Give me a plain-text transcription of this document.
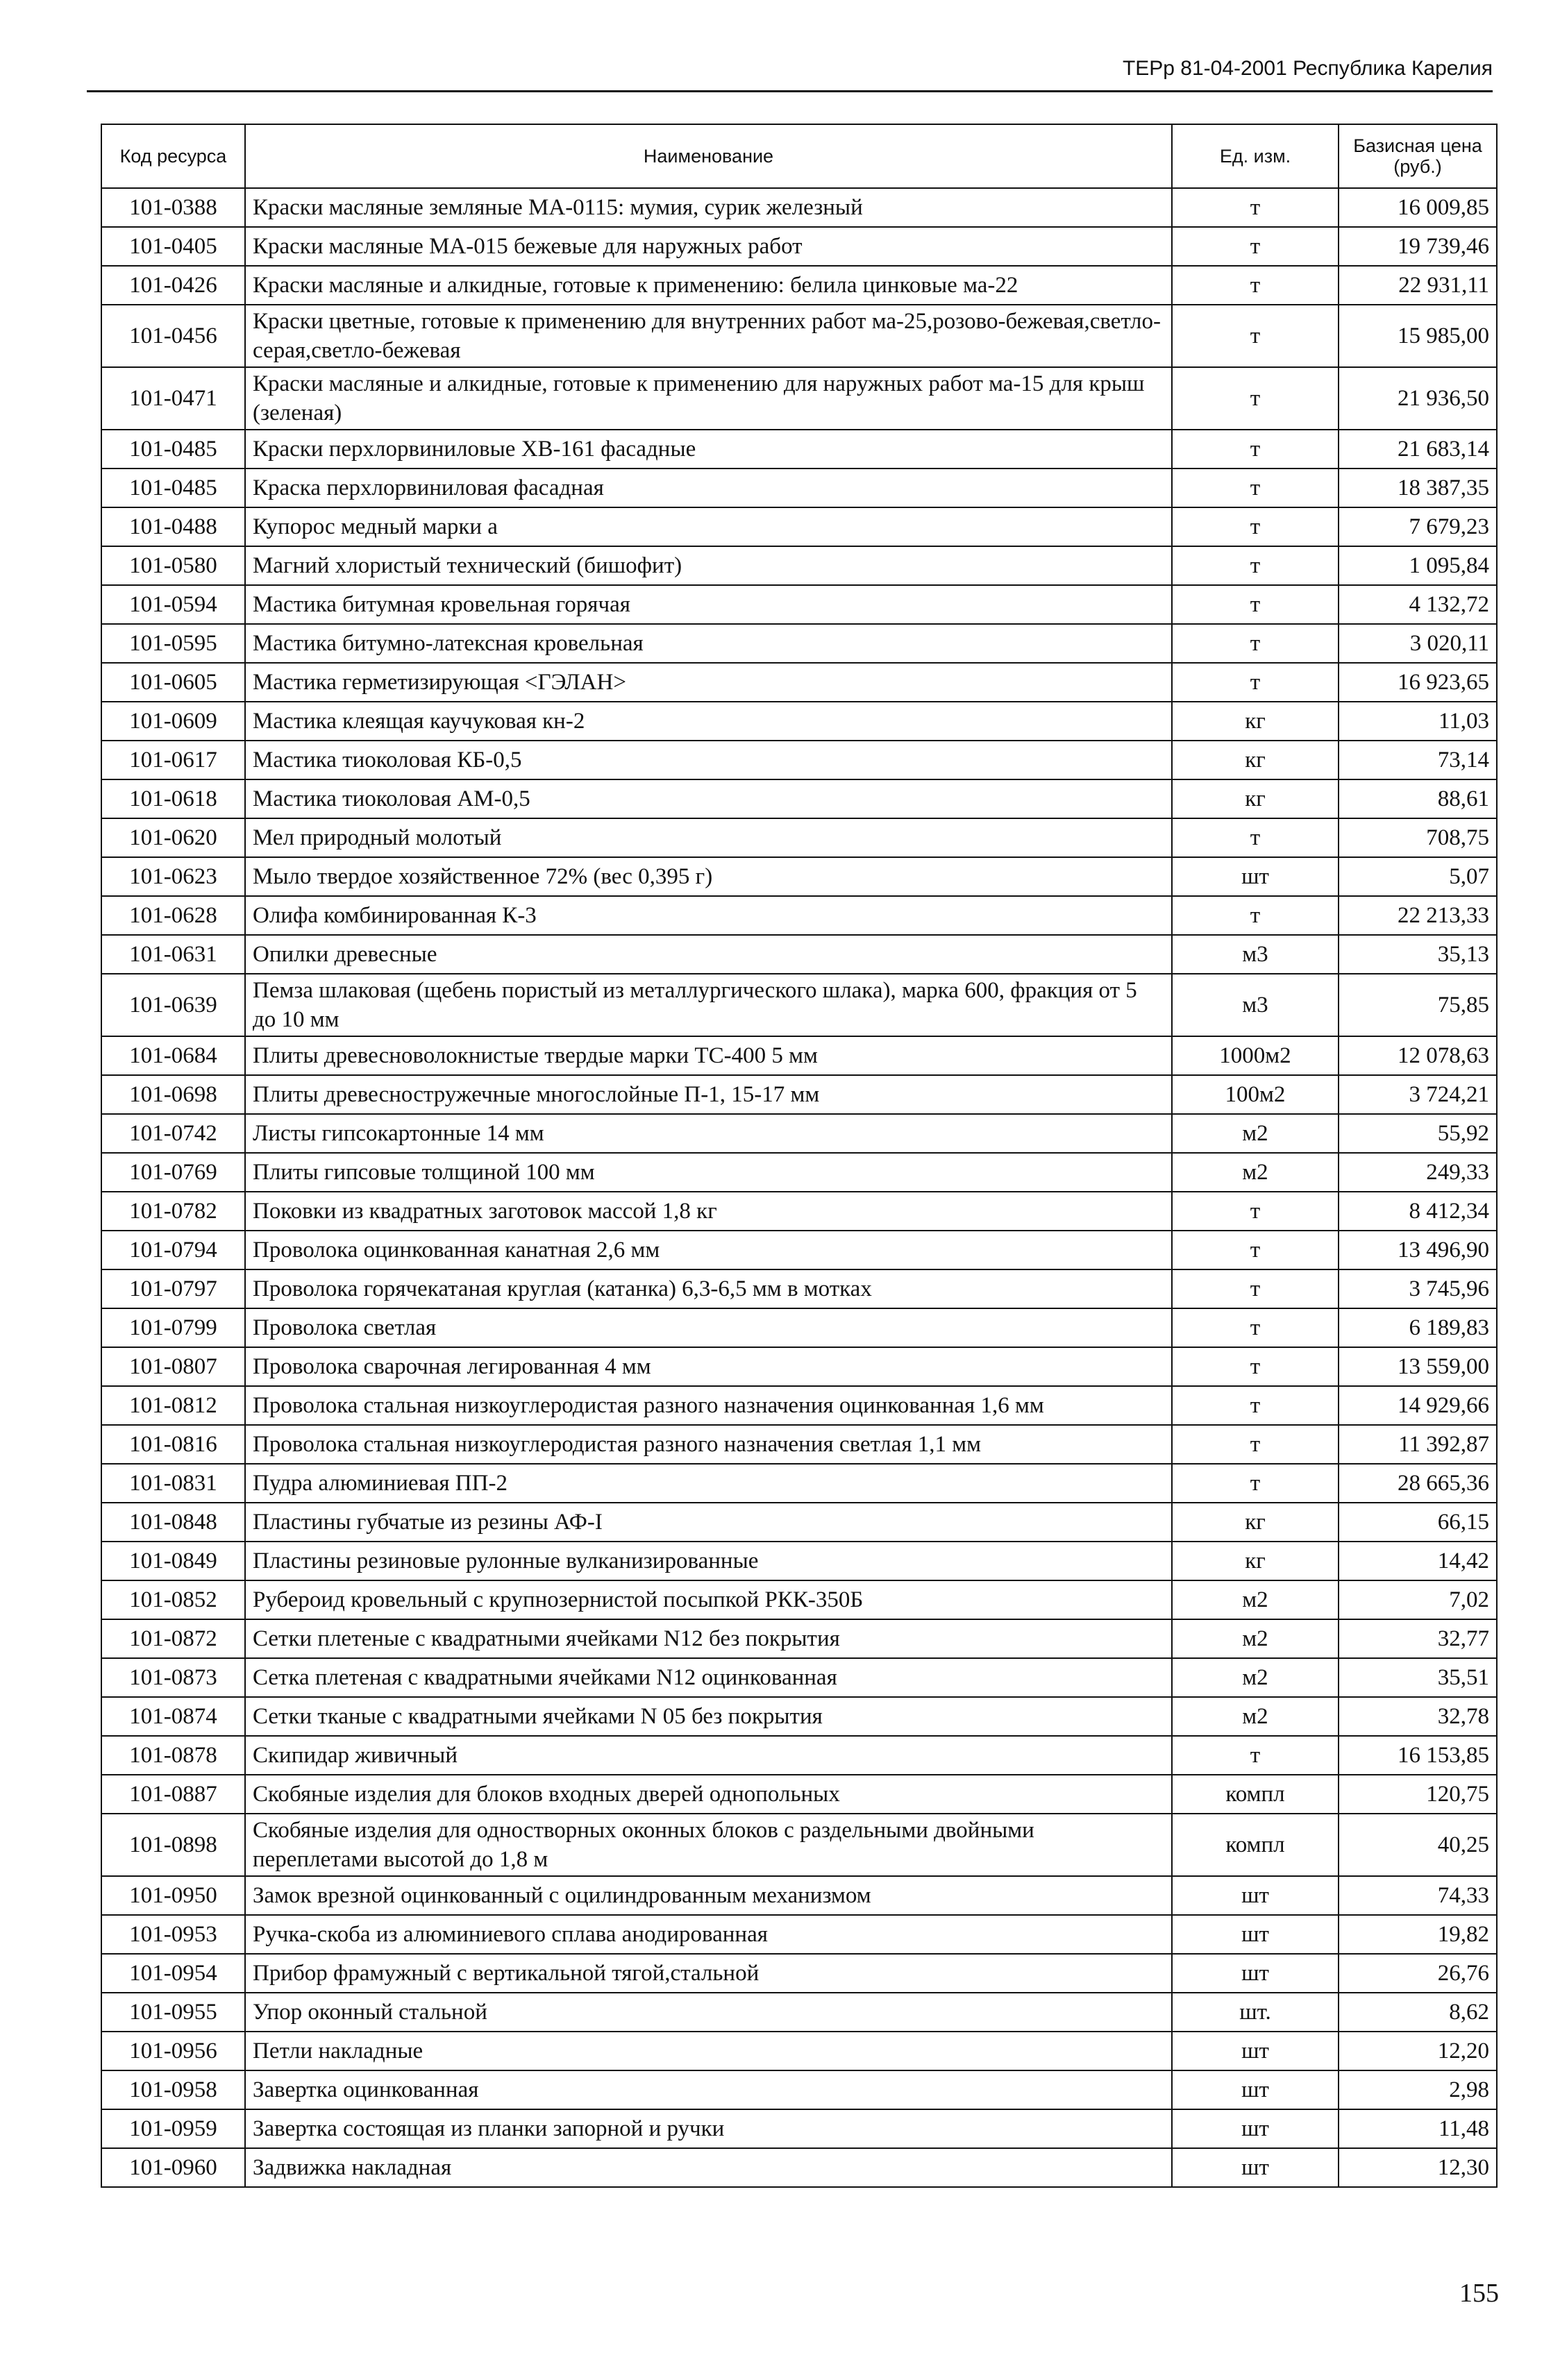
ТЕРр 81-04-2001 Республика Карелия
Код ресурса	Наименование	Ед. изм.	Базисная цена (руб.)
101-0388	Краски масляные земляные МА-0115: мумия, сурик железный	т	16 009,85
101-0405	Краски масляные МА-015 бежевые для наружных работ	т	19 739,46
101-0426	Краски масляные и алкидные, готовые к применению: белила цинковые ма-22	т	22 931,11
101-0456	Краски цветные, готовые к применению для внутренних работ ма-25,розово-бежевая,светло-серая,светло-бежевая	т	15 985,00
101-0471	Краски масляные и алкидные, готовые к применению для наружных работ ма-15 для крыш (зеленая)	т	21 936,50
101-0485	Краски перхлорвиниловые ХВ-161 фасадные	т	21 683,14
101-0485	Краска перхлорвиниловая фасадная	т	18 387,35
101-0488	Купорос медный марки а	т	7 679,23
101-0580	Магний хлористый технический (бишофит)	т	1 095,84
101-0594	Мастика битумная кровельная горячая	т	4 132,72
101-0595	Мастика битумно-латексная кровельная	т	3 020,11
101-0605	Мастика герметизирующая <ГЭЛАН>	т	16 923,65
101-0609	Мастика клеящая каучуковая кн-2	кг	11,03
101-0617	Мастика тиоколовая КБ-0,5	кг	73,14
101-0618	Мастика тиоколовая АМ-0,5	кг	88,61
101-0620	Мел природный молотый	т	708,75
101-0623	Мыло твердое хозяйственное 72% (вес 0,395 г)	шт	5,07
101-0628	Олифа комбинированная К-3	т	22 213,33
101-0631	Опилки древесные	м3	35,13
101-0639	Пемза шлаковая (щебень пористый из металлургического шлака), марка 600, фракция от 5 до 10 мм	м3	75,85
101-0684	Плиты древесноволокнистые твердые марки ТС-400 5 мм	1000м2	12 078,63
101-0698	Плиты древесностружечные многослойные П-1, 15-17 мм	100м2	3 724,21
101-0742	Листы гипсокартонные 14 мм	м2	55,92
101-0769	Плиты гипсовые толщиной 100 мм	м2	249,33
101-0782	Поковки из квадратных заготовок массой 1,8 кг	т	8 412,34
101-0794	Проволока оцинкованная канатная 2,6 мм	т	13 496,90
101-0797	Проволока горячекатаная круглая (катанка) 6,3-6,5 мм в мотках	т	3 745,96
101-0799	Проволока светлая	т	6 189,83
101-0807	Проволока сварочная легированная 4 мм	т	13 559,00
101-0812	Проволока стальная низкоуглеродистая разного назначения оцинкованная 1,6 мм	т	14 929,66
101-0816	Проволока стальная низкоуглеродистая разного назначения светлая 1,1 мм	т	11 392,87
101-0831	Пудра алюминиевая ПП-2	т	28 665,36
101-0848	Пластины губчатые из резины АФ-I	кг	66,15
101-0849	Пластины резиновые рулонные вулканизированные	кг	14,42
101-0852	Рубероид кровельный с крупнозернистой посыпкой РКК-350Б	м2	7,02
101-0872	Сетки плетеные с квадратными ячейками N12 без покрытия	м2	32,77
101-0873	Сетка плетеная с квадратными ячейками N12 оцинкованная	м2	35,51
101-0874	Сетки тканые с квадратными ячейками N 05 без покрытия	м2	32,78
101-0878	Скипидар живичный	т	16 153,85
101-0887	Скобяные изделия для блоков входных дверей однопольных	компл	120,75
101-0898	Скобяные изделия для одностворных оконных блоков с раздельными двойными переплетами высотой до 1,8 м	компл	40,25
101-0950	Замок врезной оцинкованный с оцилиндрованным механизмом	шт	74,33
101-0953	Ручка-скоба из алюминиевого сплава анодированная	шт	19,82
101-0954	Прибор фрамужный с вертикальной тягой,стальной	шт	26,76
101-0955	Упор оконный стальной	шт.	8,62
101-0956	Петли накладные	шт	12,20
101-0958	Завертка оцинкованная	шт	2,98
101-0959	Завертка состоящая из планки запорной и ручки	шт	11,48
101-0960	Задвижка накладная	шт	12,30
155
